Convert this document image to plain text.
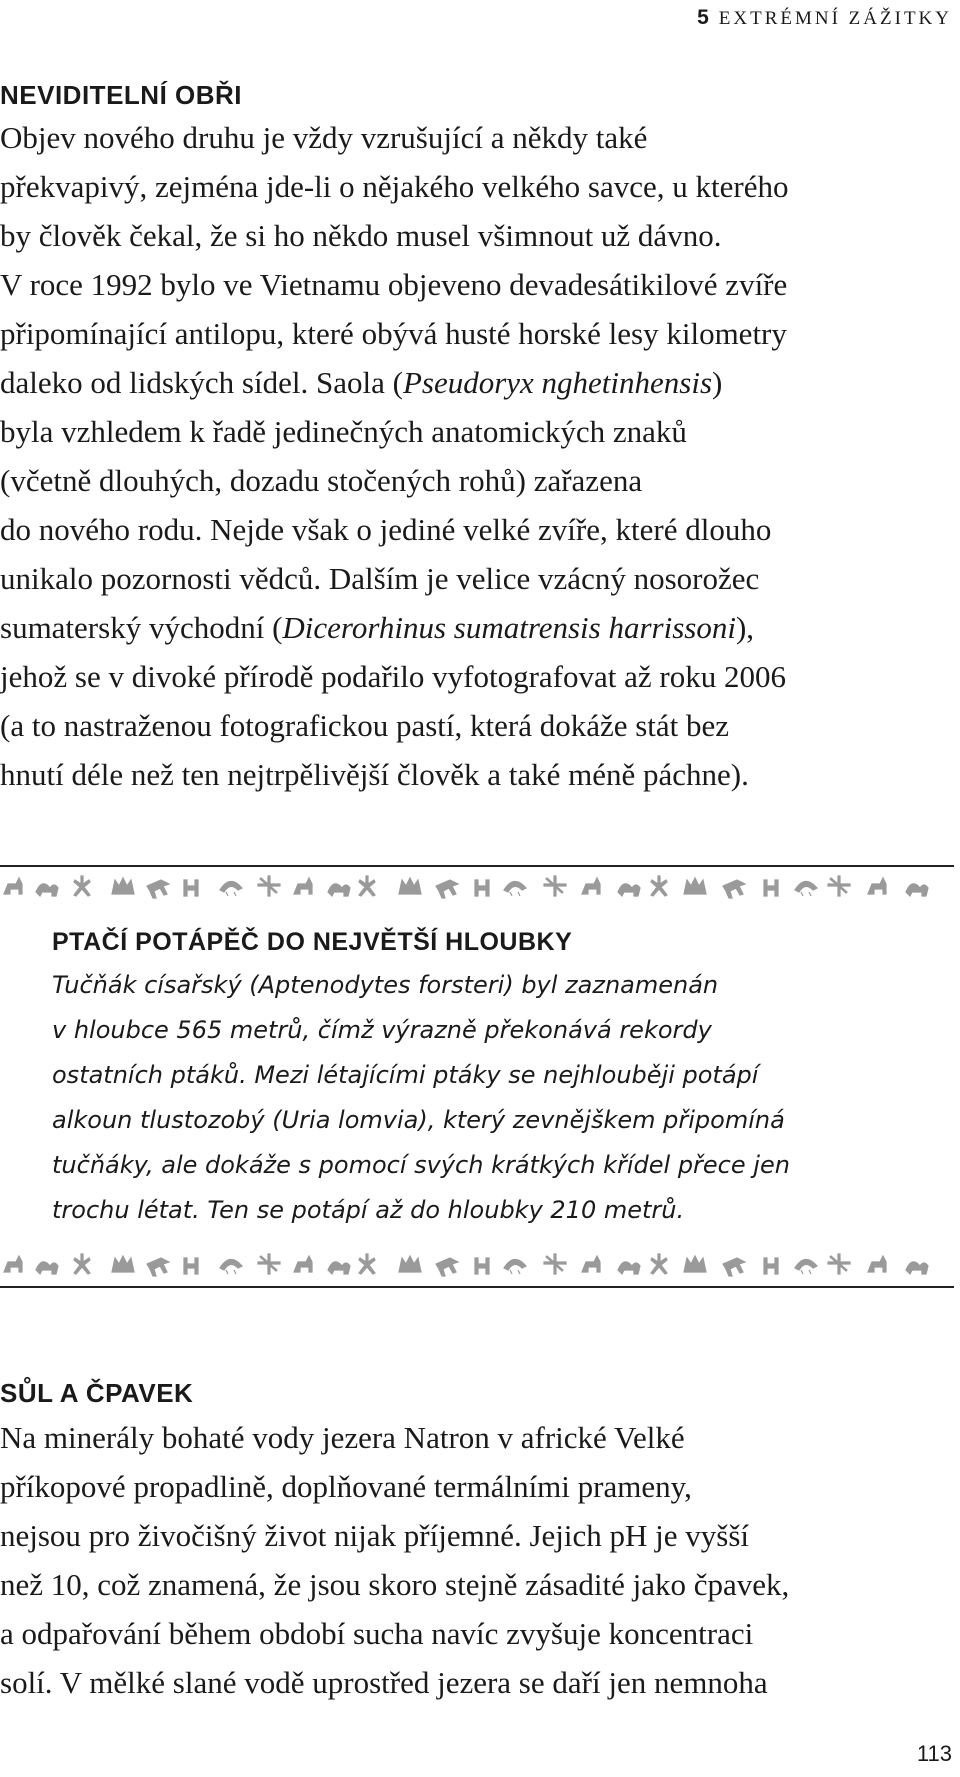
5 EXTRÉMNÍ ZÁŽITKY
NEVIDITELNÍ OBŘI

Objev nového druhu je vždy vzrušující a někdy také

překvapivý, zejména jde-li o nějakého velkého savce, u kterého

by člověk čekal, že si ho někdo musel všimnout už dávno.

V roce 1992 bylo ve Vietnamu objeveno devadesátikilové zvíře

připomínající antilopu, které obývá husté horské lesy kilometry

daleko od lidských sídel. Saola (Pseudoryx nghetinhensis)

byla vzhledem k řadě jedinečných anatomických znaků

(včetně dlouhých, dozadu stočených rohů) zařazena

do nového rodu. Nejde však o jediné velké zvíře, které dlouho

unikalo pozornosti vědců. Dalším je velice vzácný nosorožec

sumaterský východní (Dicerorhinus sumatrensis harrissoni),

jehož se v divoké přírodě podařilo vyfotografovat až roku 2006

(a to nastraženou fotografickou pastí, která dokáže stát bez

hnutí déle než ten nejtrpělivější člověk a také méně páchne).

PTAČÍ POTÁPĚČ DO NEJVĚTŠÍ HLOUBKY

Tučňák císařský (Aptenodytes forsteri) byl zaznamenán

v hloubce 565 metrů, čímž výrazně překonává rekordy

ostatních ptáků. Mezi létajícími ptáky se nejhlouběji potápí

alkoun tlustozobý (Uria lomvia), který zevnějškem připomíná

tučňáky, ale dokáže s pomocí svých krátkých křídel přece jen

trochu létat. Ten se potápí až do hloubky 210 metrů.

SŮL A ČPAVEK

Na minerály bohaté vody jezera Natron v africké Velké

příkopové propadlině, doplňované termálními prameny,

nejsou pro živočišný život nijak příjemné. Jejich pH je vyšší

než 10, což znamená, že jsou skoro stejně zásadité jako čpavek,

a odpařování během období sucha navíc zvyšuje koncentraci

solí. V mělké slané vodě uprostřed jezera se daří jen nemnoha

113
